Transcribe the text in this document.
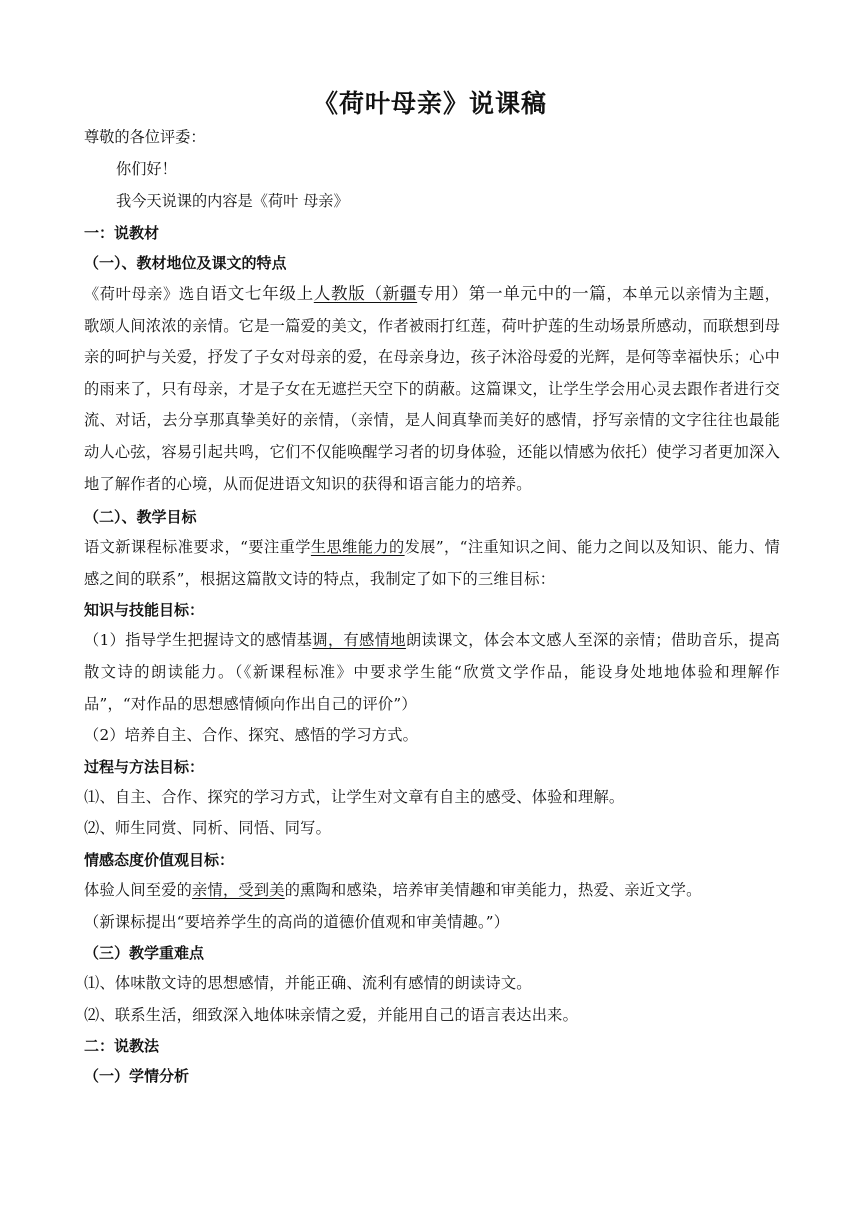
《荷叶母亲》说课稿
尊敬的各位评委：
你们好！
我今天说课的内容是《荷叶 母亲》
一：说教材
（一）、教材地位及课文的特点
《荷叶母亲》选自语文七年级上人教版（新疆专用）第一单元中的一篇，本单元以亲情为主题，歌颂人间浓浓的亲情。它是一篇爱的美文，作者被雨打红莲，荷叶护莲的生动场景所感动，而联想到母亲的呵护与关爱，抒发了子女对母亲的爱，在母亲身边，孩子沐浴母爱的光辉，是何等幸福快乐；心中的雨来了，只有母亲，才是子女在无遮拦天空下的荫蔽。这篇课文，让学生学会用心灵去跟作者进行交流、对话，去分享那真挚美好的亲情，（亲情，是人间真挚而美好的感情，抒写亲情的文字往往也最能动人心弦，容易引起共鸣，它们不仅能唤醒学习者的切身体验，还能以情感为依托）使学习者更加深入地了解作者的心境，从而促进语文知识的获得和语言能力的培养。
（二）、教学目标
语文新课程标准要求，“要注重学生思维能力的发展”，“注重知识之间、能力之间以及知识、能力、情感之间的联系”，根据这篇散文诗的特点，我制定了如下的三维目标：
知识与技能目标：
（1）指导学生把握诗文的感情基调，有感情地朗读课文，体会本文感人至深的亲情；借助音乐，提高散文诗的朗读能力。（《新课程标准》中要求学生能“欣赏文学作品，能设身处地地体验和理解作品”，“对作品的思想感情倾向作出自己的评价”）
（2）培养自主、合作、探究、感悟的学习方式。
过程与方法目标：
⑴、自主、合作、探究的学习方式，让学生对文章有自主的感受、体验和理解。
⑵、师生同赏、同析、同悟、同写。
情感态度价值观目标：
体验人间至爱的亲情，受到美的熏陶和感染，培养审美情趣和审美能力，热爱、亲近文学。
（新课标提出“要培养学生的高尚的道德价值观和审美情趣。”）
（三）教学重难点
⑴、体味散文诗的思想感情，并能正确、流利有感情的朗读诗文。
⑵、联系生活，细致深入地体味亲情之爱，并能用自己的语言表达出来。
二：说教法
（一）学情分析
